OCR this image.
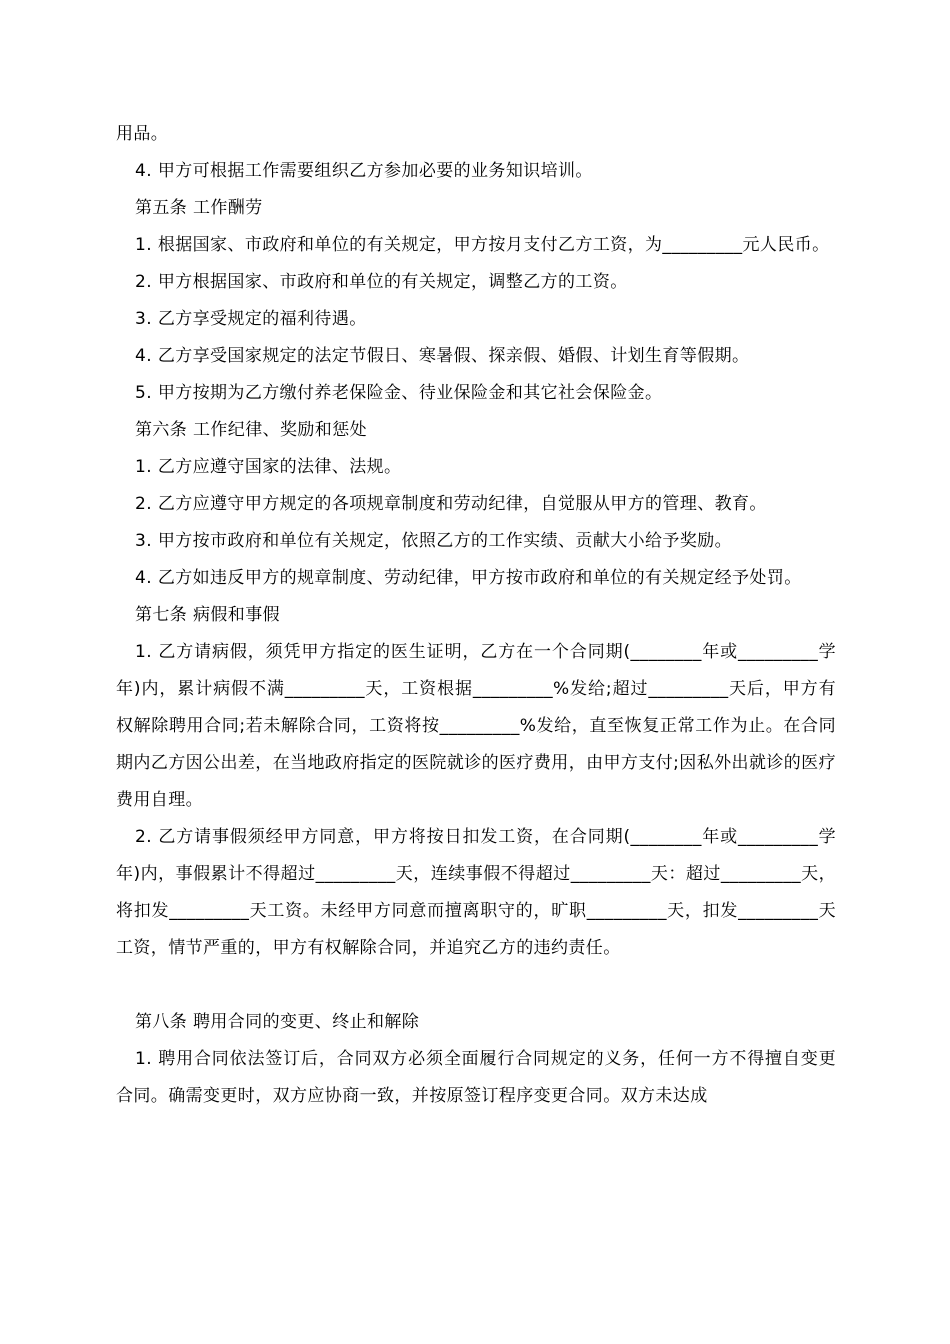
用品。

4. 甲方可根据工作需要组织乙方参加必要的业务知识培训。

第五条 工作酬劳

1. 根据国家、市政府和单位的有关规定，甲方按月支付乙方工资，为_________元人民币。

2. 甲方根据国家、市政府和单位的有关规定，调整乙方的工资。

3. 乙方享受规定的福利待遇。

4. 乙方享受国家规定的法定节假日、寒暑假、探亲假、婚假、计划生育等假期。

5. 甲方按期为乙方缴付养老保险金、待业保险金和其它社会保险金。

第六条 工作纪律、奖励和惩处

1. 乙方应遵守国家的法律、法规。

2. 乙方应遵守甲方规定的各项规章制度和劳动纪律，自觉服从甲方的管理、教育。

3. 甲方按市政府和单位有关规定，依照乙方的工作实绩、贡献大小给予奖励。

4. 乙方如违反甲方的规章制度、劳动纪律，甲方按市政府和单位的有关规定经予处罚。

第七条 病假和事假

1. 乙方请病假，须凭甲方指定的医生证明，乙方在一个合同期(________年或_________学年)内，累计病假不满_________天，工资根据_________%发给;超过_________天后，甲方有权解除聘用合同;若未解除合同，工资将按_________%发给，直至恢复正常工作为止。在合同期内乙方因公出差，在当地政府指定的医院就诊的医疗费用，由甲方支付;因私外出就诊的医疗费用自理。

2. 乙方请事假须经甲方同意，甲方将按日扣发工资，在合同期(________年或_________学年)内，事假累计不得超过_________天，连续事假不得超过_________天：超过_________天，将扣发_________天工资。未经甲方同意而擅离职守的，旷职_________天，扣发_________天工资，情节严重的，甲方有权解除合同，并追究乙方的违约责任。

第八条 聘用合同的变更、终止和解除

1. 聘用合同依法签订后，合同双方必须全面履行合同规定的义务，任何一方不得擅自变更合同。确需变更时，双方应协商一致，并按原签订程序变更合同。双方未达成
